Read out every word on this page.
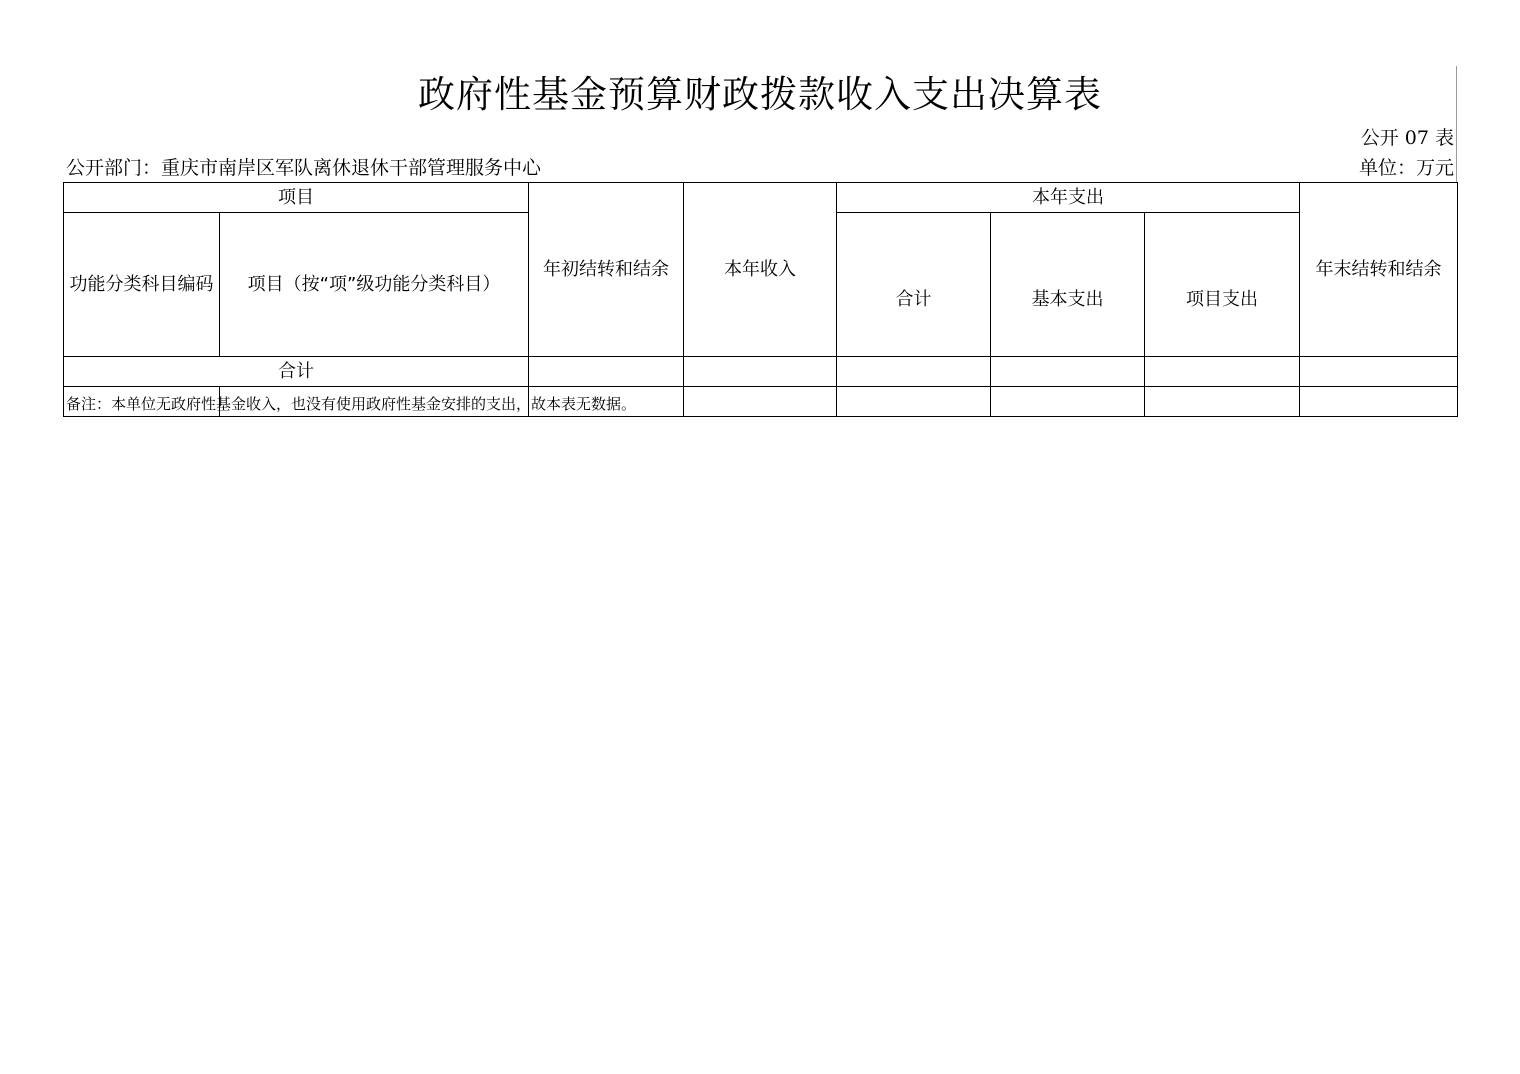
政府性基金预算财政拨款收入支出决算表
公开 07 表
公开部门：重庆市南岸区军队离休退休干部管理服务中心	单位：万元
项目		年初结转和结余	本年收入	本年支出			年末结转和结余
功能分类科目编码	项目（按“项”级功能分类科目）			合计	基本支出	项目支出	
合计							

备注：本单位无政府性基金收入，也没有使用政府性基金安排的支出，故本表无数据。
